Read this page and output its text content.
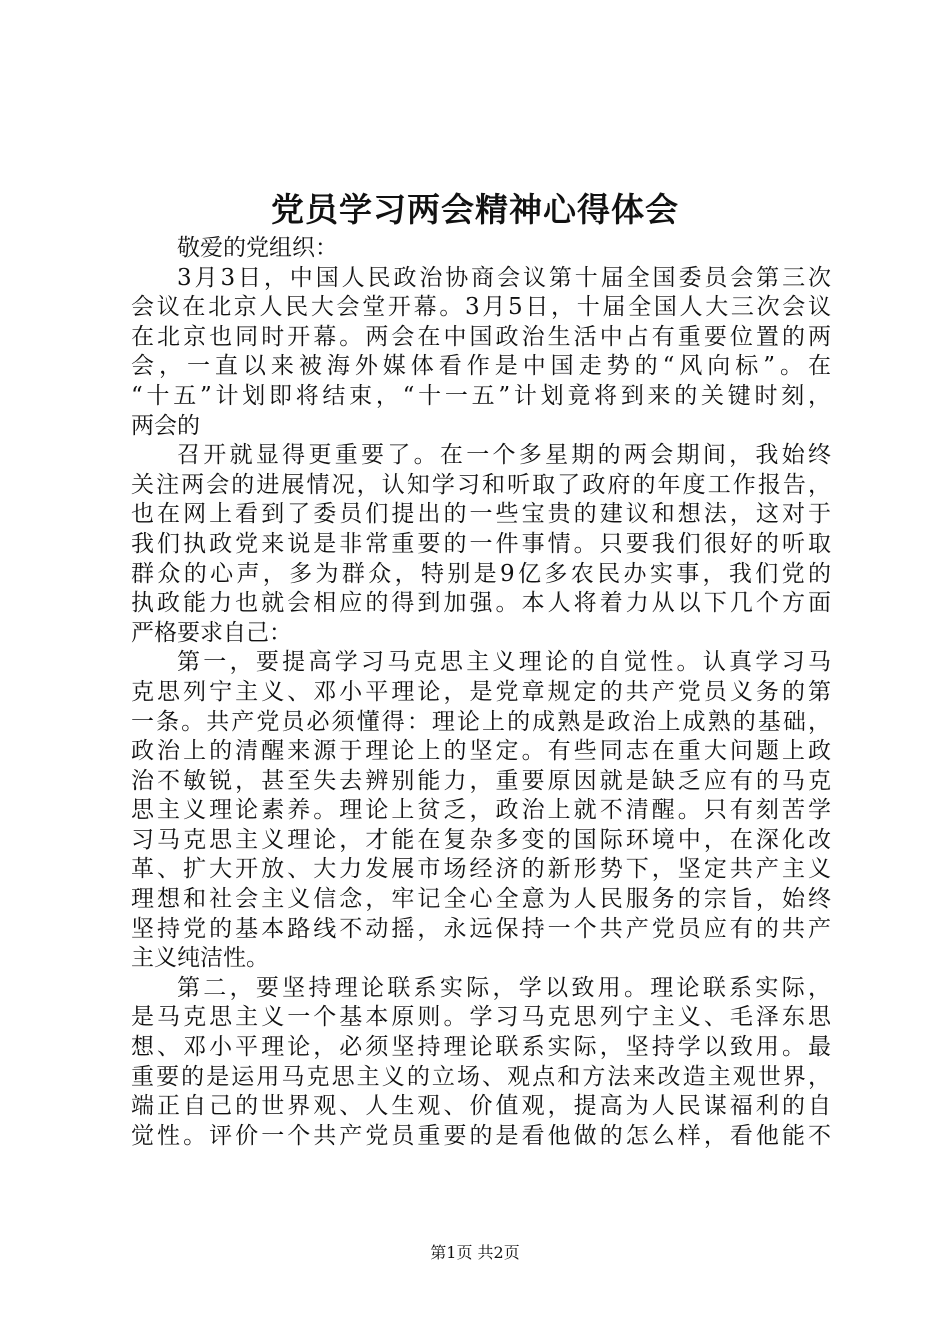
党员学习两会精神心得体会
敬爱的党组织：
3月3日，中国人民政治协商会议第十届全国委员会第三次
会议在北京人民大会堂开幕。3月5日，十届全国人大三次会议
在北京也同时开幕。两会在中国政治生活中占有重要位置的两
会，一直以来被海外媒体看作是中国走势的“风向标”。在
“十五”计划即将结束，“十一五”计划竟将到来的关键时刻，
两会的
召开就显得更重要了。在一个多星期的两会期间，我始终
关注两会的进展情况，认知学习和听取了政府的年度工作报告，
也在网上看到了委员们提出的一些宝贵的建议和想法，这对于
我们执政党来说是非常重要的一件事情。只要我们很好的听取
群众的心声，多为群众，特别是9亿多农民办实事，我们党的
执政能力也就会相应的得到加强。本人将着力从以下几个方面
严格要求自己：
第一，要提高学习马克思主义理论的自觉性。认真学习马
克思列宁主义、邓小平理论，是党章规定的共产党员义务的第
一条。共产党员必须懂得：理论上的成熟是政治上成熟的基础，
政治上的清醒来源于理论上的坚定。有些同志在重大问题上政
治不敏锐，甚至失去辨别能力，重要原因就是缺乏应有的马克
思主义理论素养。理论上贫乏，政治上就不清醒。只有刻苦学
习马克思主义理论，才能在复杂多变的国际环境中，在深化改
革、扩大开放、大力发展市场经济的新形势下，坚定共产主义
理想和社会主义信念，牢记全心全意为人民服务的宗旨，始终
坚持党的基本路线不动摇，永远保持一个共产党员应有的共产
主义纯洁性。
第二，要坚持理论联系实际，学以致用。理论联系实际，
是马克思主义一个基本原则。学习马克思列宁主义、毛泽东思
想、邓小平理论，必须坚持理论联系实际，坚持学以致用。最
重要的是运用马克思主义的立场、观点和方法来改造主观世界，
端正自己的世界观、人生观、价值观，提高为人民谋福利的自
觉性。评价一个共产党员重要的是看他做的怎么样，看他能不
第1页 共2页
